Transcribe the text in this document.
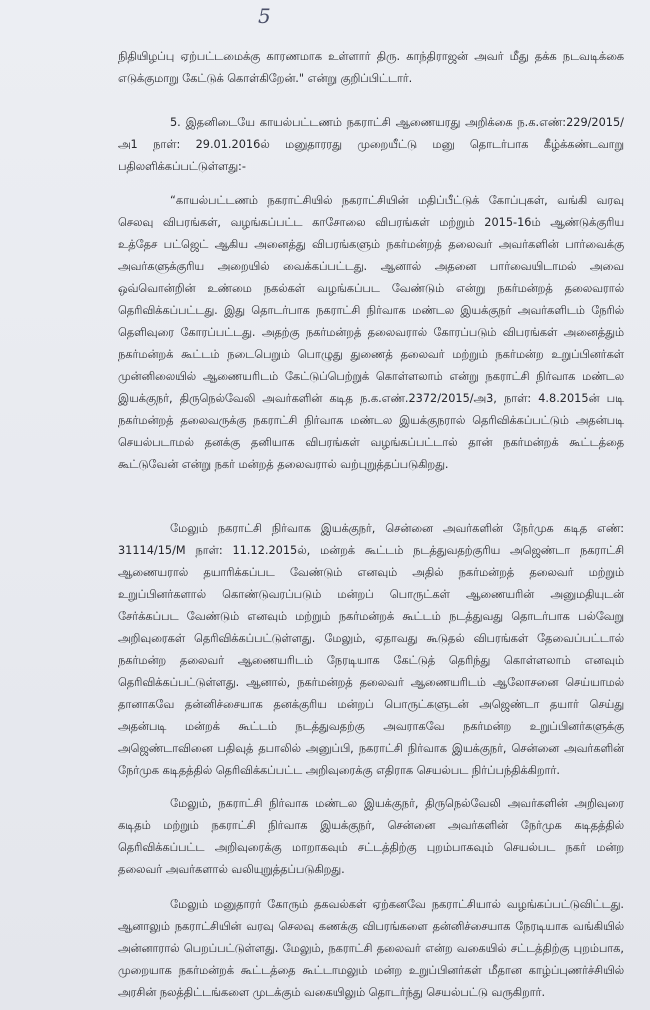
5

நிதியிழப்பு ஏற்பட்டமைக்கு காரணமாக உள்ளார் திரு. காந்திராஜன் அவர் மீது தக்க நடவடிக்கை எடுக்குமாறு கேட்டுக் கொள்கிறேன்." என்று குறிப்பிட்டார்.

5. இதனிடையே காயல்பட்டணம் நகராட்சி ஆணையரது அறிக்கை ந.க.எண்:229/2015/அ1 நாள்: 29.01.2016ல் மனுதாரரது முறையீட்டு மனு தொடர்பாக கீழ்க்கண்டவாறு பதிலளிக்கப்பட்டுள்ளது:-

“காயல்பட்டணம் நகராட்சியில் நகராட்சியின் மதிப்பீட்டுக் கோப்புகள், வங்கி வரவு செலவு விபரங்கள், வழங்கப்பட்ட காசோலை விபரங்கள் மற்றும் 2015-16ம் ஆண்டுக்குரிய உத்தேச பட்ஜெட் ஆகிய அனைத்து விபரங்களும் நகர்மன்றத் தலைவர் அவர்களின் பார்வைக்கு அவர்களுக்குரிய அறையில் வைக்கப்பட்டது. ஆனால் அதனை பார்வையிடாமல் அவை ஒவ்வொன்றின் உண்மை நகல்கள் வழங்கப்பட வேண்டும் என்று நகர்மன்றத் தலைவரால் தெரிவிக்கப்பட்டது. இது தொடர்பாக நகராட்சி நிர்வாக மண்டல இயக்குநர் அவர்களிடம் நேரில் தெளிவுரை கோரப்பட்டது. அதற்கு நகர்மன்றத் தலைவரால் கோரப்படும் விபரங்கள் அனைத்தும் நகர்மன்றக் கூட்டம் நடைபெறும் பொழுது துணைத் தலைவர் மற்றும் நகர்மன்ற உறுப்பினர்கள் முன்னிலையில் ஆணையரிடம் கேட்டுப்பெற்றுக் கொள்ளலாம் என்று நகராட்சி நிர்வாக மண்டல இயக்குநர், திருநெல்வேலி அவர்களின் கடித ந.க.எண்.2372/2015/அ3, நாள்: 4.8.2015ன் படி நகர்மன்றத் தலைவருக்கு நகராட்சி நிர்வாக மண்டல இயக்குநரால் தெரிவிக்கப்பட்டும் அதன்படி செயல்படாமல் தனக்கு தனியாக விபரங்கள் வழங்கப்பட்டால் தான் நகர்மன்றக் கூட்டத்தை கூட்டுவேன் என்று நகர் மன்றத் தலைவரால் வற்புறுத்தப்படுகிறது.

மேலும் நகராட்சி நிர்வாக இயக்குநர், சென்னை அவர்களின் நேர்முக கடித எண்: 31114/15/M நாள்: 11.12.2015ல், மன்றக் கூட்டம் நடத்துவதற்குரிய அஜெண்டா நகராட்சி ஆணையரால் தயாரிக்கப்பட வேண்டும் எனவும் அதில் நகர்மன்றத் தலைவர் மற்றும் உறுப்பினர்களால் கொண்டுவரப்படும் மன்றப் பொருட்கள் ஆணையரின் அனுமதியுடன் சேர்க்கப்பட வேண்டும் எனவும் மற்றும் நகர்மன்றக் கூட்டம் நடத்துவது தொடர்பாக பல்வேறு அறிவுரைகள் தெரிவிக்கப்பட்டுள்ளது. மேலும், ஏதாவது கூடுதல் விபரங்கள் தேவைப்பட்டால் நகர்மன்ற தலைவர் ஆணையரிடம் நேரடியாக கேட்டுத் தெரிந்து கொள்ளலாம் எனவும் தெரிவிக்கப்பட்டுள்ளது. ஆனால், நகர்மன்றத் தலைவர் ஆணையரிடம் ஆலோசனை செய்யாமல் தானாகவே தன்னிச்சையாக தனக்குரிய மன்றப் பொருட்களுடன் அஜெண்டா தயார் செய்து அதன்படி மன்றக் கூட்டம் நடத்துவதற்கு அவராகவே நகர்மன்ற உறுப்பினர்களுக்கு அஜெண்டாவினை பதிவுத் தபாலில் அனுப்பி, நகராட்சி நிர்வாக இயக்குநர், சென்னை அவர்களின் நேர்முக கடிதத்தில் தெரிவிக்கப்பட்ட அறிவுரைக்கு எதிராக செயல்பட நிர்ப்பந்திக்கிறார்.

மேலும், நகராட்சி நிர்வாக மண்டல இயக்குநர், திருநெல்வேலி அவர்களின் அறிவுரை கடிதம் மற்றும் நகராட்சி நிர்வாக இயக்குநர், சென்னை அவர்களின் நேர்முக கடிதத்தில் தெரிவிக்கப்பட்ட அறிவுரைக்கு மாறாகவும் சட்டத்திற்கு புறம்பாகவும் செயல்பட நகர் மன்ற தலைவர் அவர்களால் வலியுறுத்தப்படுகிறது.

மேலும் மனுதாரர் கோரும் தகவல்கள் ஏற்கனவே நகராட்சியால் வழங்கப்பட்டுவிட்டது. ஆனாலும் நகராட்சியின் வரவு செலவு கணக்கு விபரங்களை தன்னிச்சையாக நேரடியாக வங்கியில் அன்னாரால் பெறப்பட்டுள்ளது. மேலும், நகராட்சி தலைவர் என்ற வகையில் சட்டத்திற்கு புறம்பாக, முறையாக நகர்மன்றக் கூட்டத்தை கூட்டாமலும் மன்ற உறுப்பினர்கள் மீதான காழ்ப்புணர்ச்சியில் அரசின் நலத்திட்டங்களை முடக்கும் வகையிலும் தொடர்ந்து செயல்பட்டு வருகிறார்.
